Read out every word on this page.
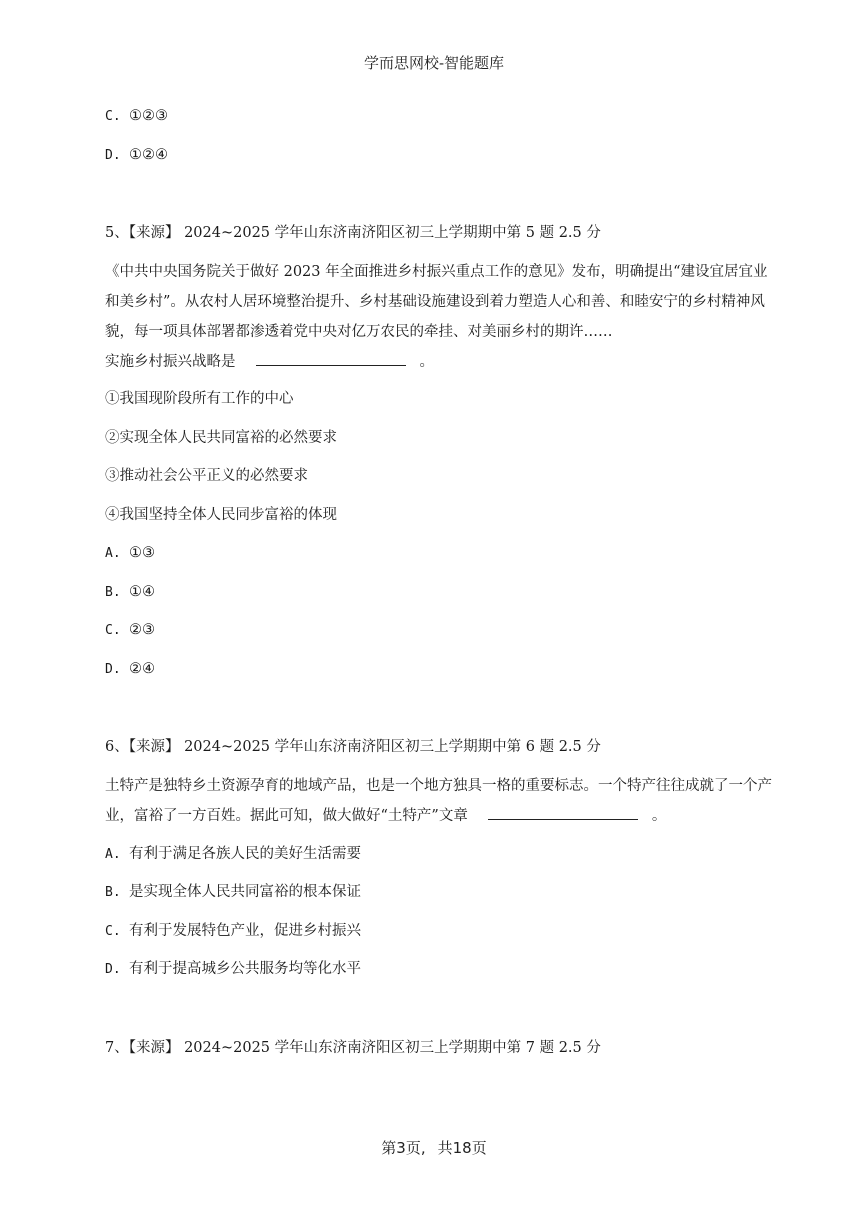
学而思网校-智能题库
C. ①②③
D. ①②④
5、【来源】 2024~2025 学年山东济南济阳区初三上学期期中第 5 题 2.5 分
《中共中央国务院关于做好 2023 年全面推进乡村振兴重点工作的意见》发布，明确提出“建设宜居宜业和美乡村”。从农村人居环境整治提升、乡村基础设施建设到着力塑造人心和善、和睦安宁的乡村精神风貌，每一项具体部署都渗透着党中央对亿万农民的牵挂、对美丽乡村的期许……
实施乡村振兴战略是	。
①我国现阶段所有工作的中心
②实现全体人民共同富裕的必然要求
③推动社会公平正义的必然要求
④我国坚持全体人民同步富裕的体现
A. ①③
B. ①④
C. ②③
D. ②④
6、【来源】 2024~2025 学年山东济南济阳区初三上学期期中第 6 题 2.5 分
土特产是独特乡土资源孕育的地域产品，也是一个地方独具一格的重要标志。一个特产往往成就了一个产业，富裕了一方百姓。据此可知，做大做好“土特产”文章	。
A. 有利于满足各族人民的美好生活需要
B. 是实现全体人民共同富裕的根本保证
C. 有利于发展特色产业，促进乡村振兴
D. 有利于提高城乡公共服务均等化水平
7、【来源】 2024~2025 学年山东济南济阳区初三上学期期中第 7 题 2.5 分
第3页, 共18页
